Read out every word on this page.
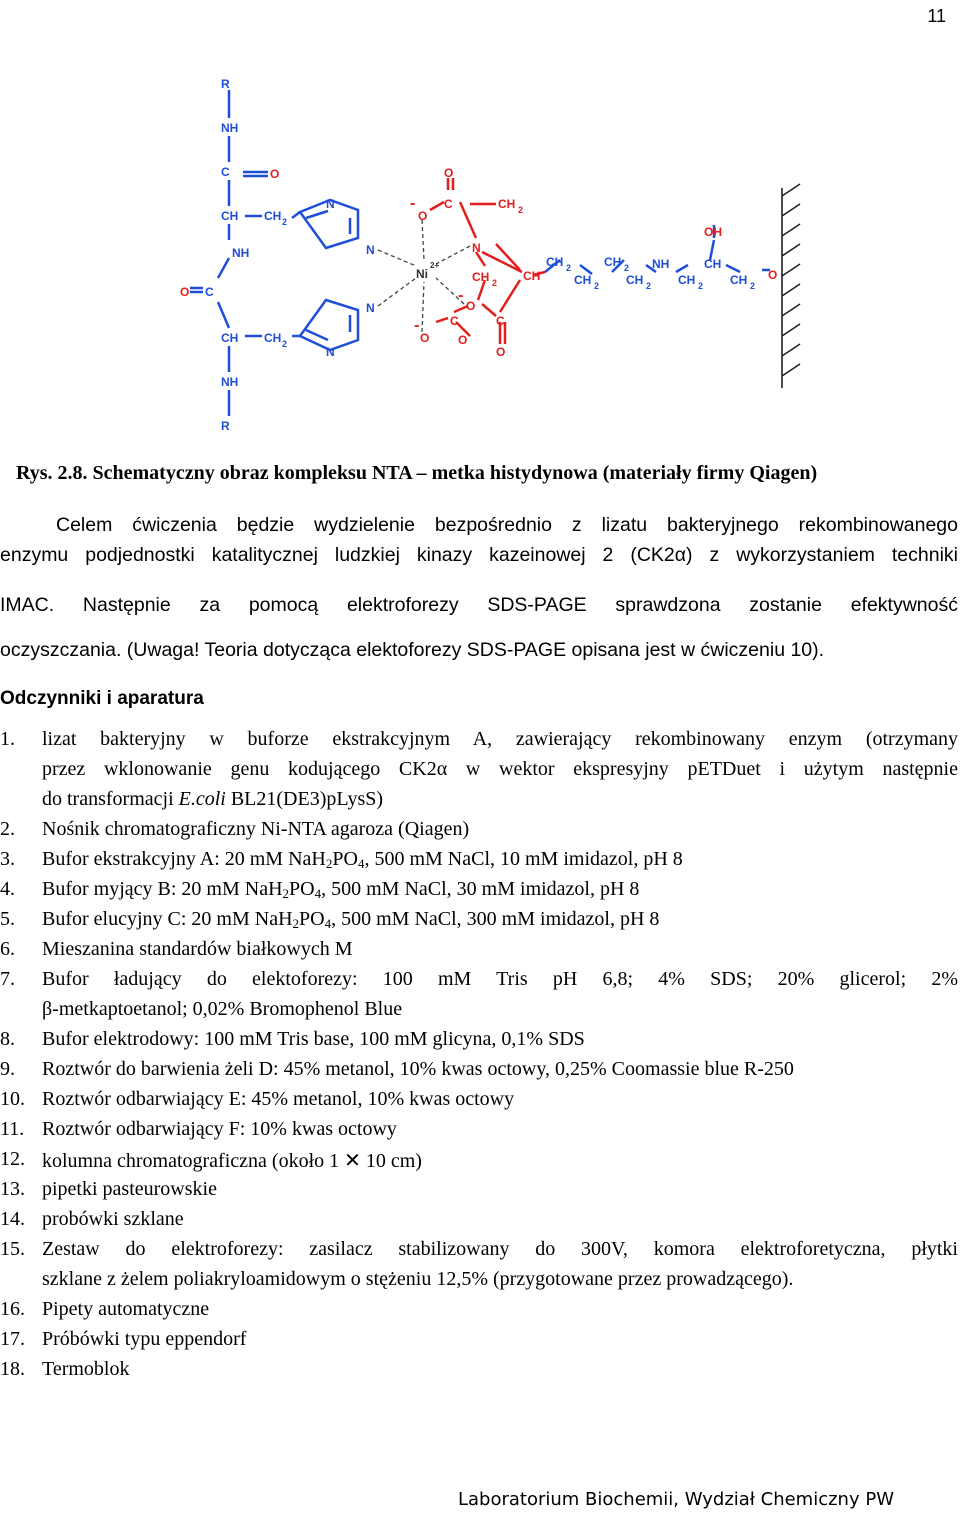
11
R
NH
C	O
CH CH 2
NH
C
O
CH CH 2
NH
R
N
N
N
N
CH 2
CH 2
CH 2
CH 2
NH
CH 2
OH
CH
CH 2
O
C	CH 2
O
-
N
CH 2 CH
O
-
C	C
O
-
O
O
O
Ni
2+
Rys. 2.8. Schematyczny obraz kompleksu NTA – metka histydynowa (materiały firmy Qiagen)
Celem ćwiczenia będzie wydzielenie bezpośrednio z lizatu bakteryjnego rekombinowanego
enzymu podjednostki katalitycznej ludzkiej kinazy kazeinowej 2 (CK2α) z wykorzystaniem techniki
IMAC. Następnie za pomocą elektroforezy SDS-PAGE sprawdzona zostanie efektywność
oczyszczania. (Uwaga! Teoria dotycząca elektoforezy SDS-PAGE opisana jest w ćwiczeniu 10).
Odczynniki i aparatura
1. lizat bakteryjny w buforze ekstrakcyjnym A, zawierający rekombinowany enzym (otrzymany
przez wklonowanie genu kodującego CK2α w wektor ekspresyjny pETDuet i użytym następnie
do transformacji E.coli BL21(DE3)pLysS)
2. Nośnik chromatograficzny Ni-NTA agaroza (Qiagen)
3. Bufor ekstrakcyjny A: 20 mM $NaH_2PO_4$, 500 mM NaCl, 10 mM imidazol, pH 8
4. Bufor myjący B: 20 mM $NaH_2PO_4$, 500 mM NaCl, 30 mM imidazol, pH 8
5. Bufor elucyjny C: 20 mM $NaH_2PO_4$, 500 mM NaCl, 300 mM imidazol, pH 8
6. Mieszanina standardów białkowych M
7. Bufor ładujący do elektoforezy: 100 mM Tris pH 6,8; 4% SDS; 20% glicerol; 2%
β-metkaptoetanol; 0,02% Bromophenol Blue
8. Bufor elektrodowy: 100 mM Tris base, 100 mM glicyna, 0,1% SDS
9. Roztwór do barwienia żeli D: 45% metanol, 10% kwas octowy, 0,25% Coomassie blue R-250
10. Roztwór odbarwiający E: 45% metanol, 10% kwas octowy
11. Roztwór odbarwiający F: 10% kwas octowy
12. kolumna chromatograficzna (około 1 ✕ 10 cm)
13. pipetki pasteurowskie
14. probówki szklane
15. Zestaw do elektroforezy: zasilacz stabilizowany do 300V, komora elektroforetyczna, płytki
szklane z żelem poliakryloamidowym o stężeniu 12,5% (przygotowane przez prowadzącego).
16. Pipety automatyczne
17. Próbówki typu eppendorf
18. Termoblok
Laboratorium Biochemii, Wydział Chemiczny PW
